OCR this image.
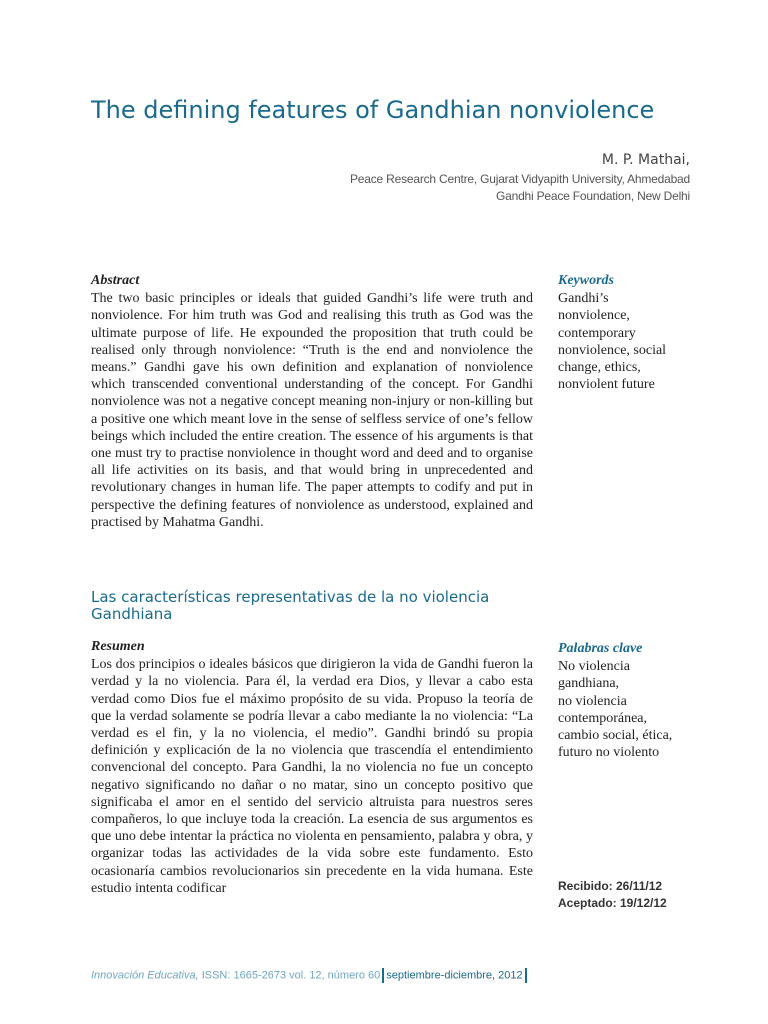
The defining features of Gandhian nonviolence
M. P. Mathai,
Peace Research Centre, Gujarat Vidyapith University, Ahmedabad
Gandhi Peace Foundation, New Delhi
Abstract

The two basic principles or ideals that guided Gandhi’s life were truth and nonviolence. For him truth was God and realising this truth as God was the ultimate purpose of life. He expounded the proposition that truth could be realised only through nonviolence: “Truth is the end and nonviolence the means.” Gandhi gave his own definition and explanation of nonviolence which transcended conventional understanding of the concept. For Gandhi nonviolence was not a negative concept meaning non-injury or non-killing but a positive one which meant love in the sense of selfless service of one’s fellow beings which included the entire creation. The essence of his arguments is that one must try to practise nonviolence in thought word and deed and to organise all life activities on its basis, and that would bring in unprecedented and revolutionary changes in human life. The paper attempts to codify and put in perspective the defining features of nonviolence as understood, explained and practised by Mahatma Gandhi.

Keywords
Gandhi’s
nonviolence,
contemporary
nonviolence, social
change, ethics,
nonviolent future
Las características representativas de la no violencia Gandhiana
Resumen

Los dos principios o ideales básicos que dirigieron la vida de Gandhi fueron la verdad y la no violencia. Para él, la verdad era Dios, y llevar a cabo esta verdad como Dios fue el máximo propósito de su vida. Propuso la teoría de que la verdad solamente se podría llevar a cabo mediante la no violencia: “La verdad es el fin, y la no violencia, el medio”. Gandhi brindó su propia definición y explicación de la no violencia que trascendía el entendimiento convencional del concepto. Para Gandhi, la no violencia no fue un concepto negativo significando no dañar o no matar, sino un concepto positivo que significaba el amor en el sentido del servicio altruista para nuestros seres compañeros, lo que incluye toda la creación. La esencia de sus argumentos es que uno debe intentar la práctica no violenta en pensamiento, palabra y obra, y organizar todas las actividades de la vida sobre este fundamento. Esto ocasionaría cambios revolucionarios sin precedente en la vida humana. Este estudio intenta codificar

Palabras clave
No violencia
gandhiana,
no violencia
contemporánea,
cambio social, ética,
futuro no violento
Recibido: 26/11/12
Aceptado: 19/12/12
Innovación Educativa, ISSN: 1665-2673 vol. 12, número 60 septiembre-diciembre, 2012
